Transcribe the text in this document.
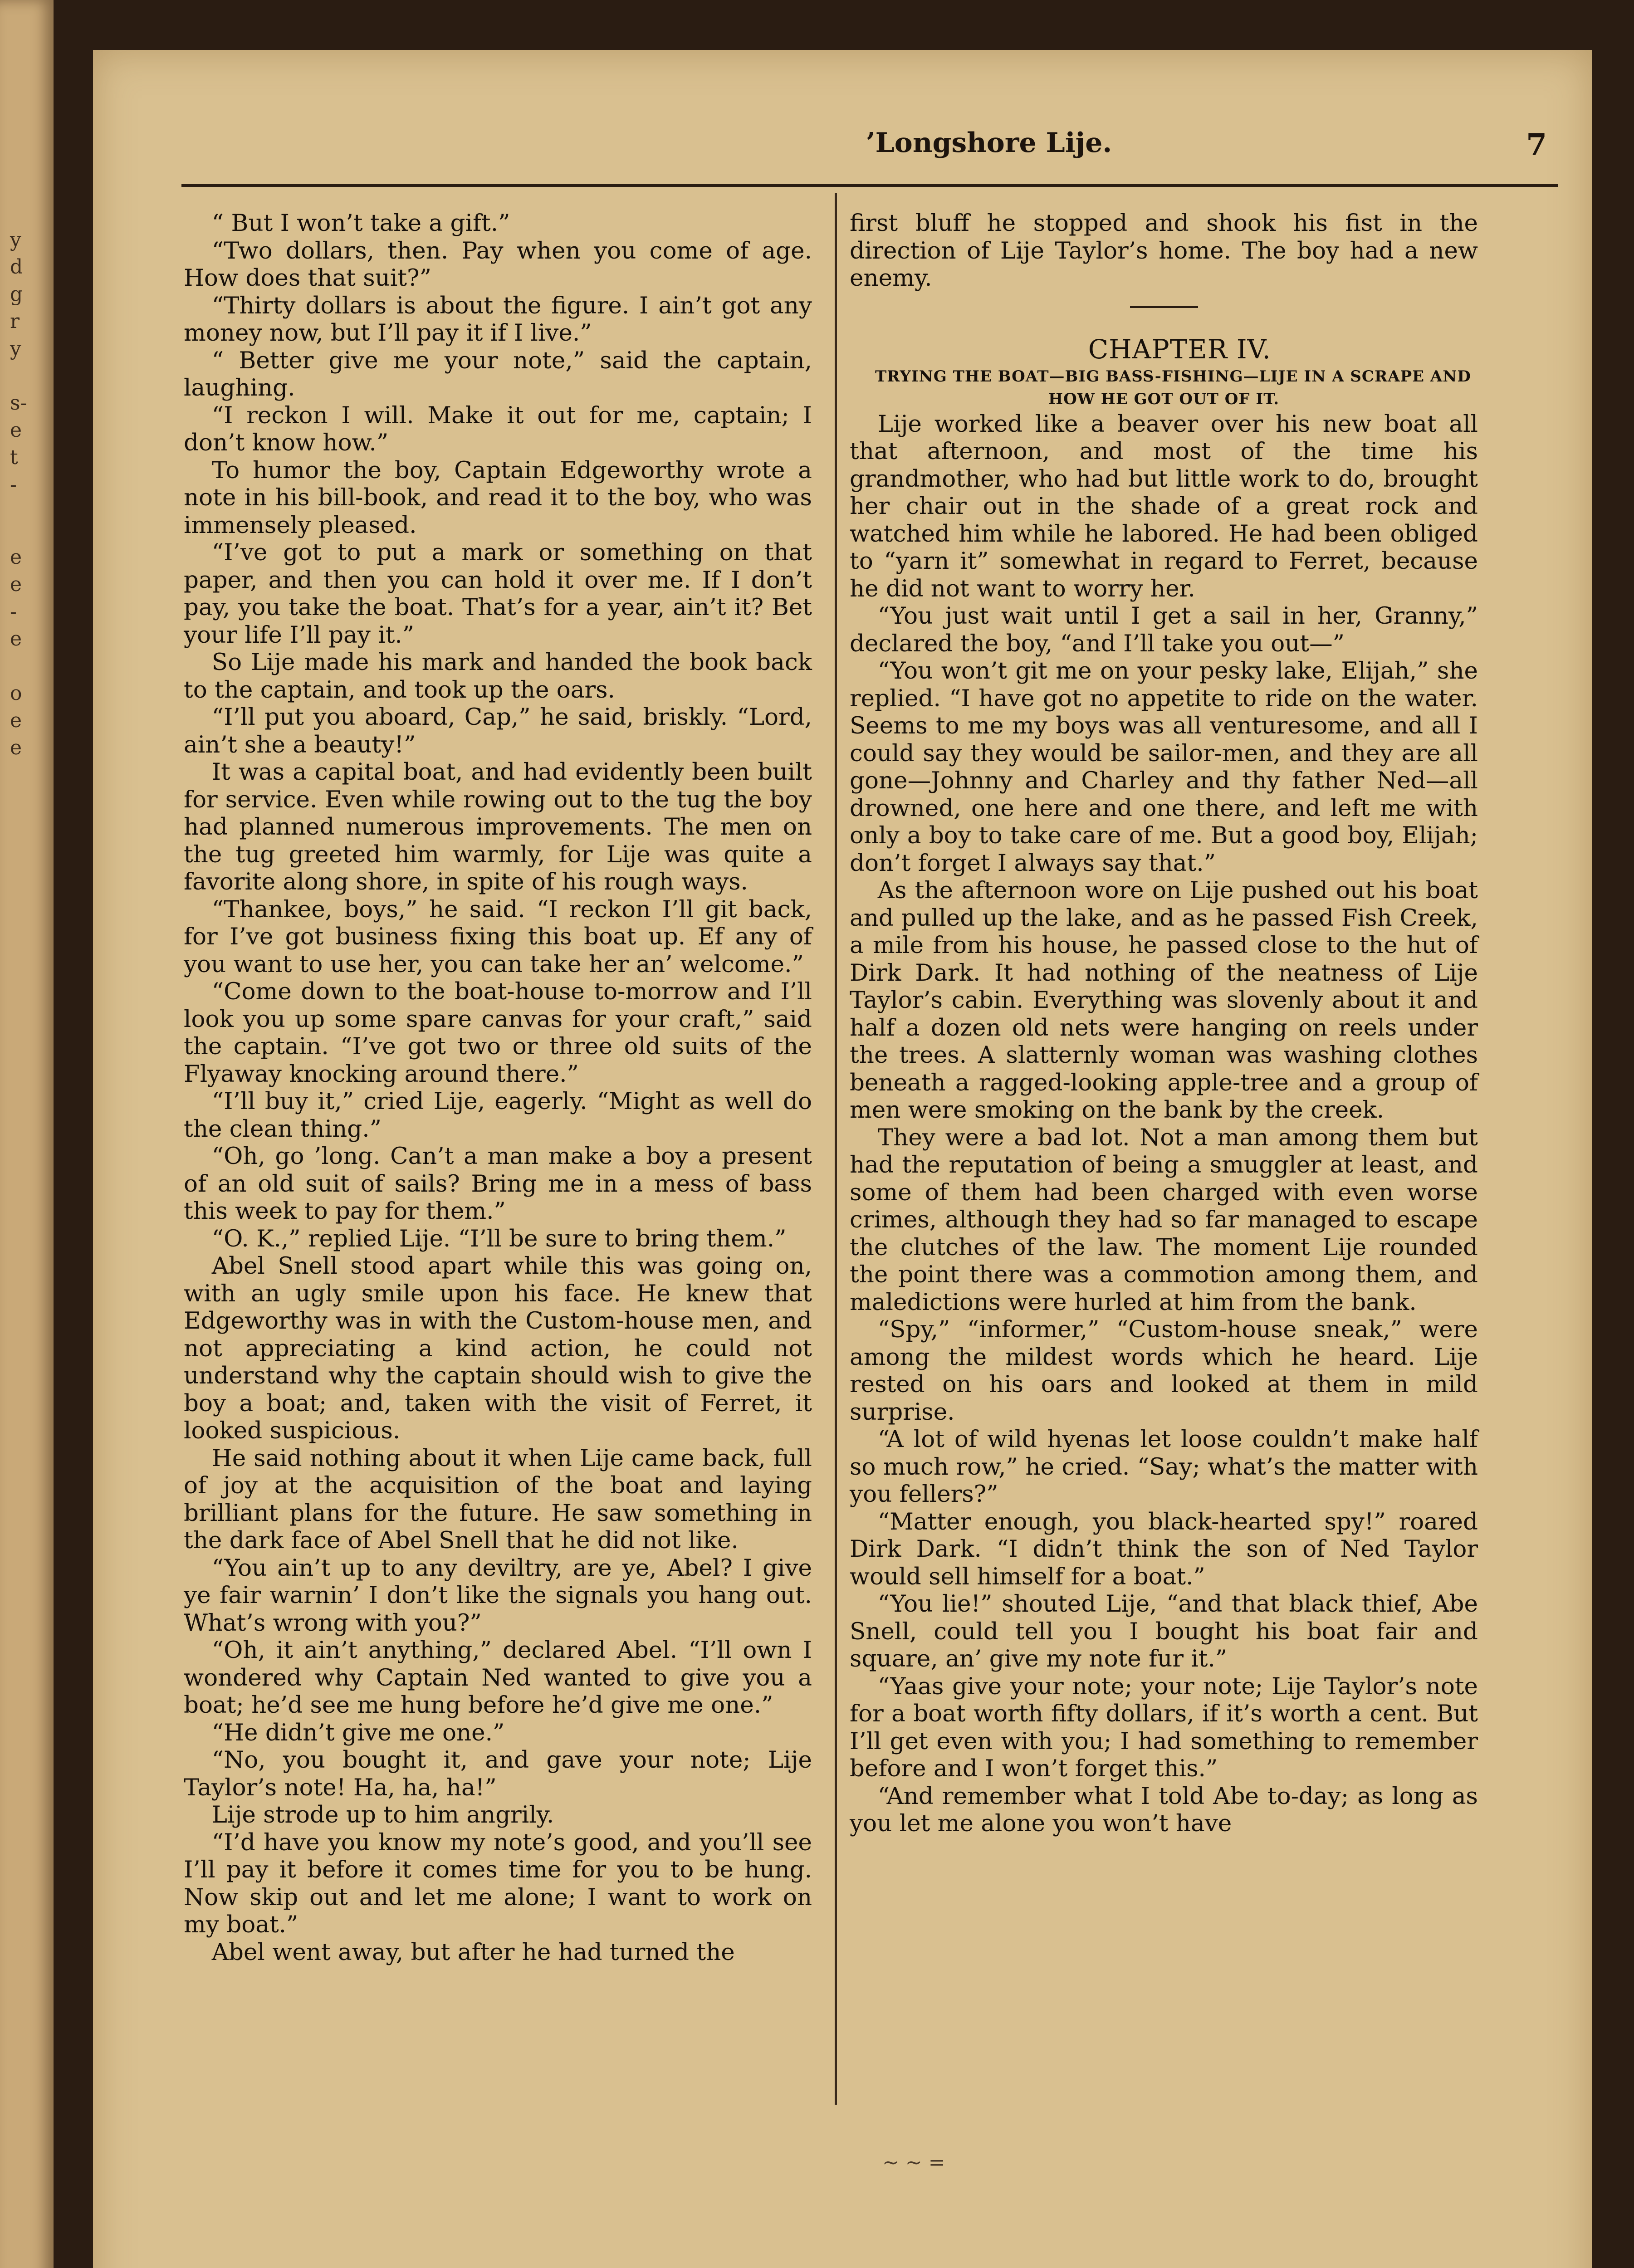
y
d
g
r
y
s-
e
t
-
e
e
-
e
o
e
e
’Longshore Lije.	7

“ But I won’t take a gift.”

“Two dollars, then. Pay when you come of age. How does that suit?”

“Thirty dollars is about the figure. I ain’t got any money now, but I’ll pay it if I live.”

“ Better give me your note,” said the captain, laughing.

“I reckon I will. Make it out for me, captain; I don’t know how.”

To humor the boy, Captain Edgeworthy wrote a note in his bill-book, and read it to the boy, who was immensely pleased.

“I’ve got to put a mark or something on that paper, and then you can hold it over me. If I don’t pay, you take the boat. That’s for a year, ain’t it? Bet your life I’ll pay it.”

So Lije made his mark and handed the book back to the captain, and took up the oars.

“I’ll put you aboard, Cap,” he said, briskly. “Lord, ain’t she a beauty!”

It was a capital boat, and had evidently been built for service. Even while rowing out to the tug the boy had planned numerous improvements. The men on the tug greeted him warmly, for Lije was quite a favorite along shore, in spite of his rough ways.

“Thankee, boys,” he said. “I reckon I’ll git back, for I’ve got business fixing this boat up. Ef any of you want to use her, you can take her an’ welcome.”

“Come down to the boat-house to-morrow and I’ll look you up some spare canvas for your craft,” said the captain. “I’ve got two or three old suits of the Flyaway knocking around there.”

“I’ll buy it,” cried Lije, eagerly. “Might as well do the clean thing.”

“Oh, go ’long. Can’t a man make a boy a present of an old suit of sails? Bring me in a mess of bass this week to pay for them.”

“O. K.,” replied Lije. “I’ll be sure to bring them.”

Abel Snell stood apart while this was going on, with an ugly smile upon his face. He knew that Edgeworthy was in with the Custom-house men, and not appreciating a kind action, he could not understand why the captain should wish to give the boy a boat; and, taken with the visit of Ferret, it looked suspicious.

He said nothing about it when Lije came back, full of joy at the acquisition of the boat and laying brilliant plans for the future. He saw something in the dark face of Abel Snell that he did not like.

“You ain’t up to any deviltry, are ye, Abel? I give ye fair warnin’ I don’t like the signals you hang out. What’s wrong with you?”

“Oh, it ain’t anything,” declared Abel. “I’ll own I wondered why Captain Ned wanted to give you a boat; he’d see me hung before he’d give me one.”

“He didn’t give me one.”

“No, you bought it, and gave your note; Lije Taylor’s note! Ha, ha, ha!”

Lije strode up to him angrily.

“I’d have you know my note’s good, and you’ll see I’ll pay it before it comes time for you to be hung. Now skip out and let me alone; I want to work on my boat.”

Abel went away, but after he had turned the

first bluff he stopped and shook his fist in the direction of Lije Taylor’s home. The boy had a new enemy.

CHAPTER IV.

TRYING THE BOAT—BIG BASS-FISHING—LIJE IN A SCRAPE AND HOW HE GOT OUT OF IT.

Lije worked like a beaver over his new boat all that afternoon, and most of the time his grandmother, who had but little work to do, brought her chair out in the shade of a great rock and watched him while he labored. He had been obliged to “yarn it” somewhat in regard to Ferret, because he did not want to worry her.

“You just wait until I get a sail in her, Granny,” declared the boy, “and I’ll take you out—”

“You won’t git me on your pesky lake, Elijah,” she replied. “I have got no appetite to ride on the water. Seems to me my boys was all venturesome, and all I could say they would be sailor-men, and they are all gone—Johnny and Charley and thy father Ned—all drowned, one here and one there, and left me with only a boy to take care of me. But a good boy, Elijah; don’t forget I always say that.”

As the afternoon wore on Lije pushed out his boat and pulled up the lake, and as he passed Fish Creek, a mile from his house, he passed close to the hut of Dirk Dark. It had nothing of the neatness of Lije Taylor’s cabin. Everything was slovenly about it and half a dozen old nets were hanging on reels under the trees. A slatternly woman was washing clothes beneath a ragged-looking apple-tree and a group of men were smoking on the bank by the creek.

They were a bad lot. Not a man among them but had the reputation of being a smuggler at least, and some of them had been charged with even worse crimes, although they had so far managed to escape the clutches of the law. The moment Lije rounded the point there was a commotion among them, and maledictions were hurled at him from the bank.

“Spy,” “informer,” “Custom-house sneak,” were among the mildest words which he heard. Lije rested on his oars and looked at them in mild surprise.

“A lot of wild hyenas let loose couldn’t make half so much row,” he cried. “Say; what’s the matter with you fellers?”

“Matter enough, you black-hearted spy!” roared Dirk Dark. “I didn’t think the son of Ned Taylor would sell himself for a boat.”

“You lie!” shouted Lije, “and that black thief, Abe Snell, could tell you I bought his boat fair and square, an’ give my note fur it.”

“Yaas give your note; your note; Lije Taylor’s note for a boat worth fifty dollars, if it’s worth a cent. But I’ll get even with you; I had something to remember before and I won’t forget this.”

“And remember what I told Abe to-day; as long as you let me alone you won’t have

~ ~ =
